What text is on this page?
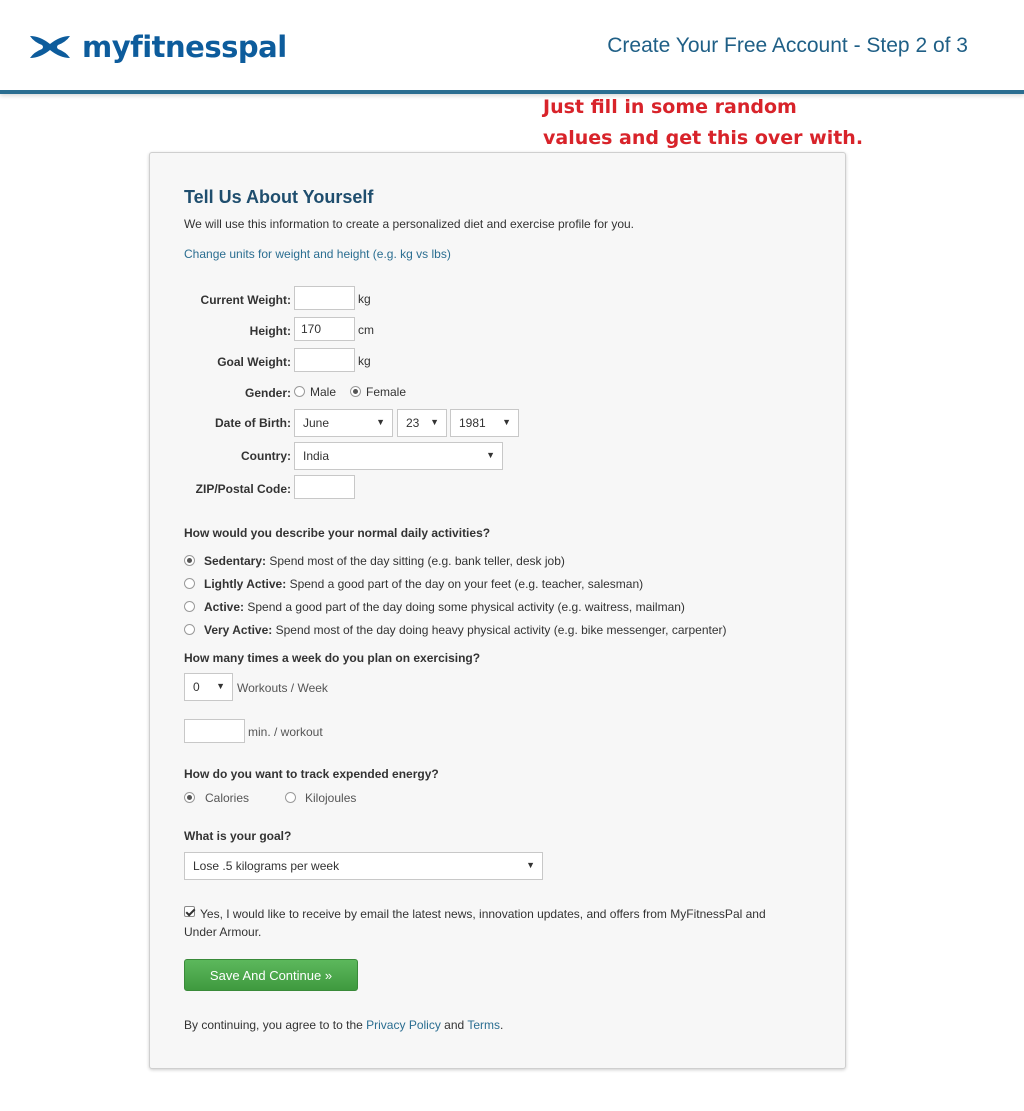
myfitnesspal	Create Your Free Account - Step 2 of 3
Just fill in some random
values and get this over with.
Tell Us About Yourself
We will use this information to create a personalized diet and exercise profile for you.
Change units for weight and height (e.g. kg vs lbs)
Current Weight:	kg
Height: 170	cm
Goal Weight:	kg
Gender: Male Female
Date of Birth:	June	▼	23 ▼	1981 ▼
Country:	India	▼
ZIP/Postal Code:
How would you describe your normal daily activities?
Sedentary: Spend most of the day sitting (e.g. bank teller, desk job)
Lightly Active: Spend a good part of the day on your feet (e.g. teacher, salesman)
Active: Spend a good part of the day doing some physical activity (e.g. waitress, mailman)
Very Active: Spend most of the day doing heavy physical activity (e.g. bike messenger, carpenter)
How many times a week do you plan on exercising?
0 ▼ Workouts / Week
min. / workout
How do you want to track expended energy?
Calories	Kilojoules
What is your goal?
Lose .5 kilograms per week	▼
Yes, I would like to receive by email the latest news, innovation updates, and offers from MyFitnessPal and
Under Armour.
Save And Continue »
By continuing, you agree to to the Privacy Policy and Terms.
